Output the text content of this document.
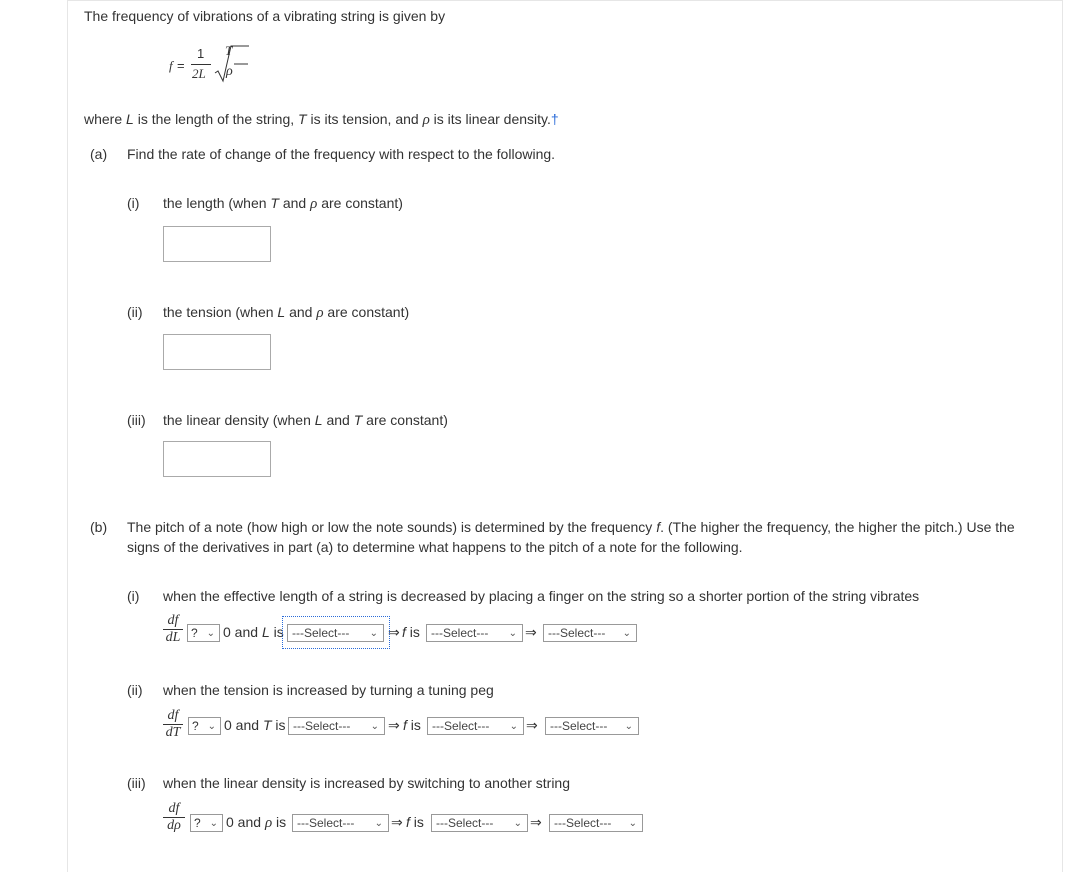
The frequency of vibrations of a vibrating string is given by
f =
1
2L
T
ρ
where L is the length of the string, T is its tension, and ρ is its linear density.†
(a) Find the rate of change of the frequency with respect to the following.
(i) the length (when T and ρ are constant)
(ii) the tension (when L and ρ are constant)
(iii) the linear density (when L and T are constant)
(b) The pitch of a note (how high or low the note sounds) is determined by the frequency f. (The higher the frequency, the higher the pitch.) Use the
signs of the derivatives in part (a) to determine what happens to the pitch of a note for the following.
(i) when the effective length of a string is decreased by placing a finger on the string so a shorter portion of the string vibrates
$\frac{df}{dL}$ ? ⌄ 0 and L is ---Select--- ⌄ ⇒ f is ---Select--- ⌄ ⇒ ---Select--- ⌄
(ii) when the tension is increased by turning a tuning peg
$\frac{df}{dT}$ ? ⌄ 0 and T is ---Select--- ⌄ ⇒ f is ---Select--- ⌄ ⇒	---Select--- ⌄
(iii) when the linear density is increased by switching to another string
$\frac{df}{d\rho}$ ? ⌄ 0 and ρ is ---Select--- ⌄ ⇒ f is	---Select--- ⌄ ⇒	---Select--- ⌄
